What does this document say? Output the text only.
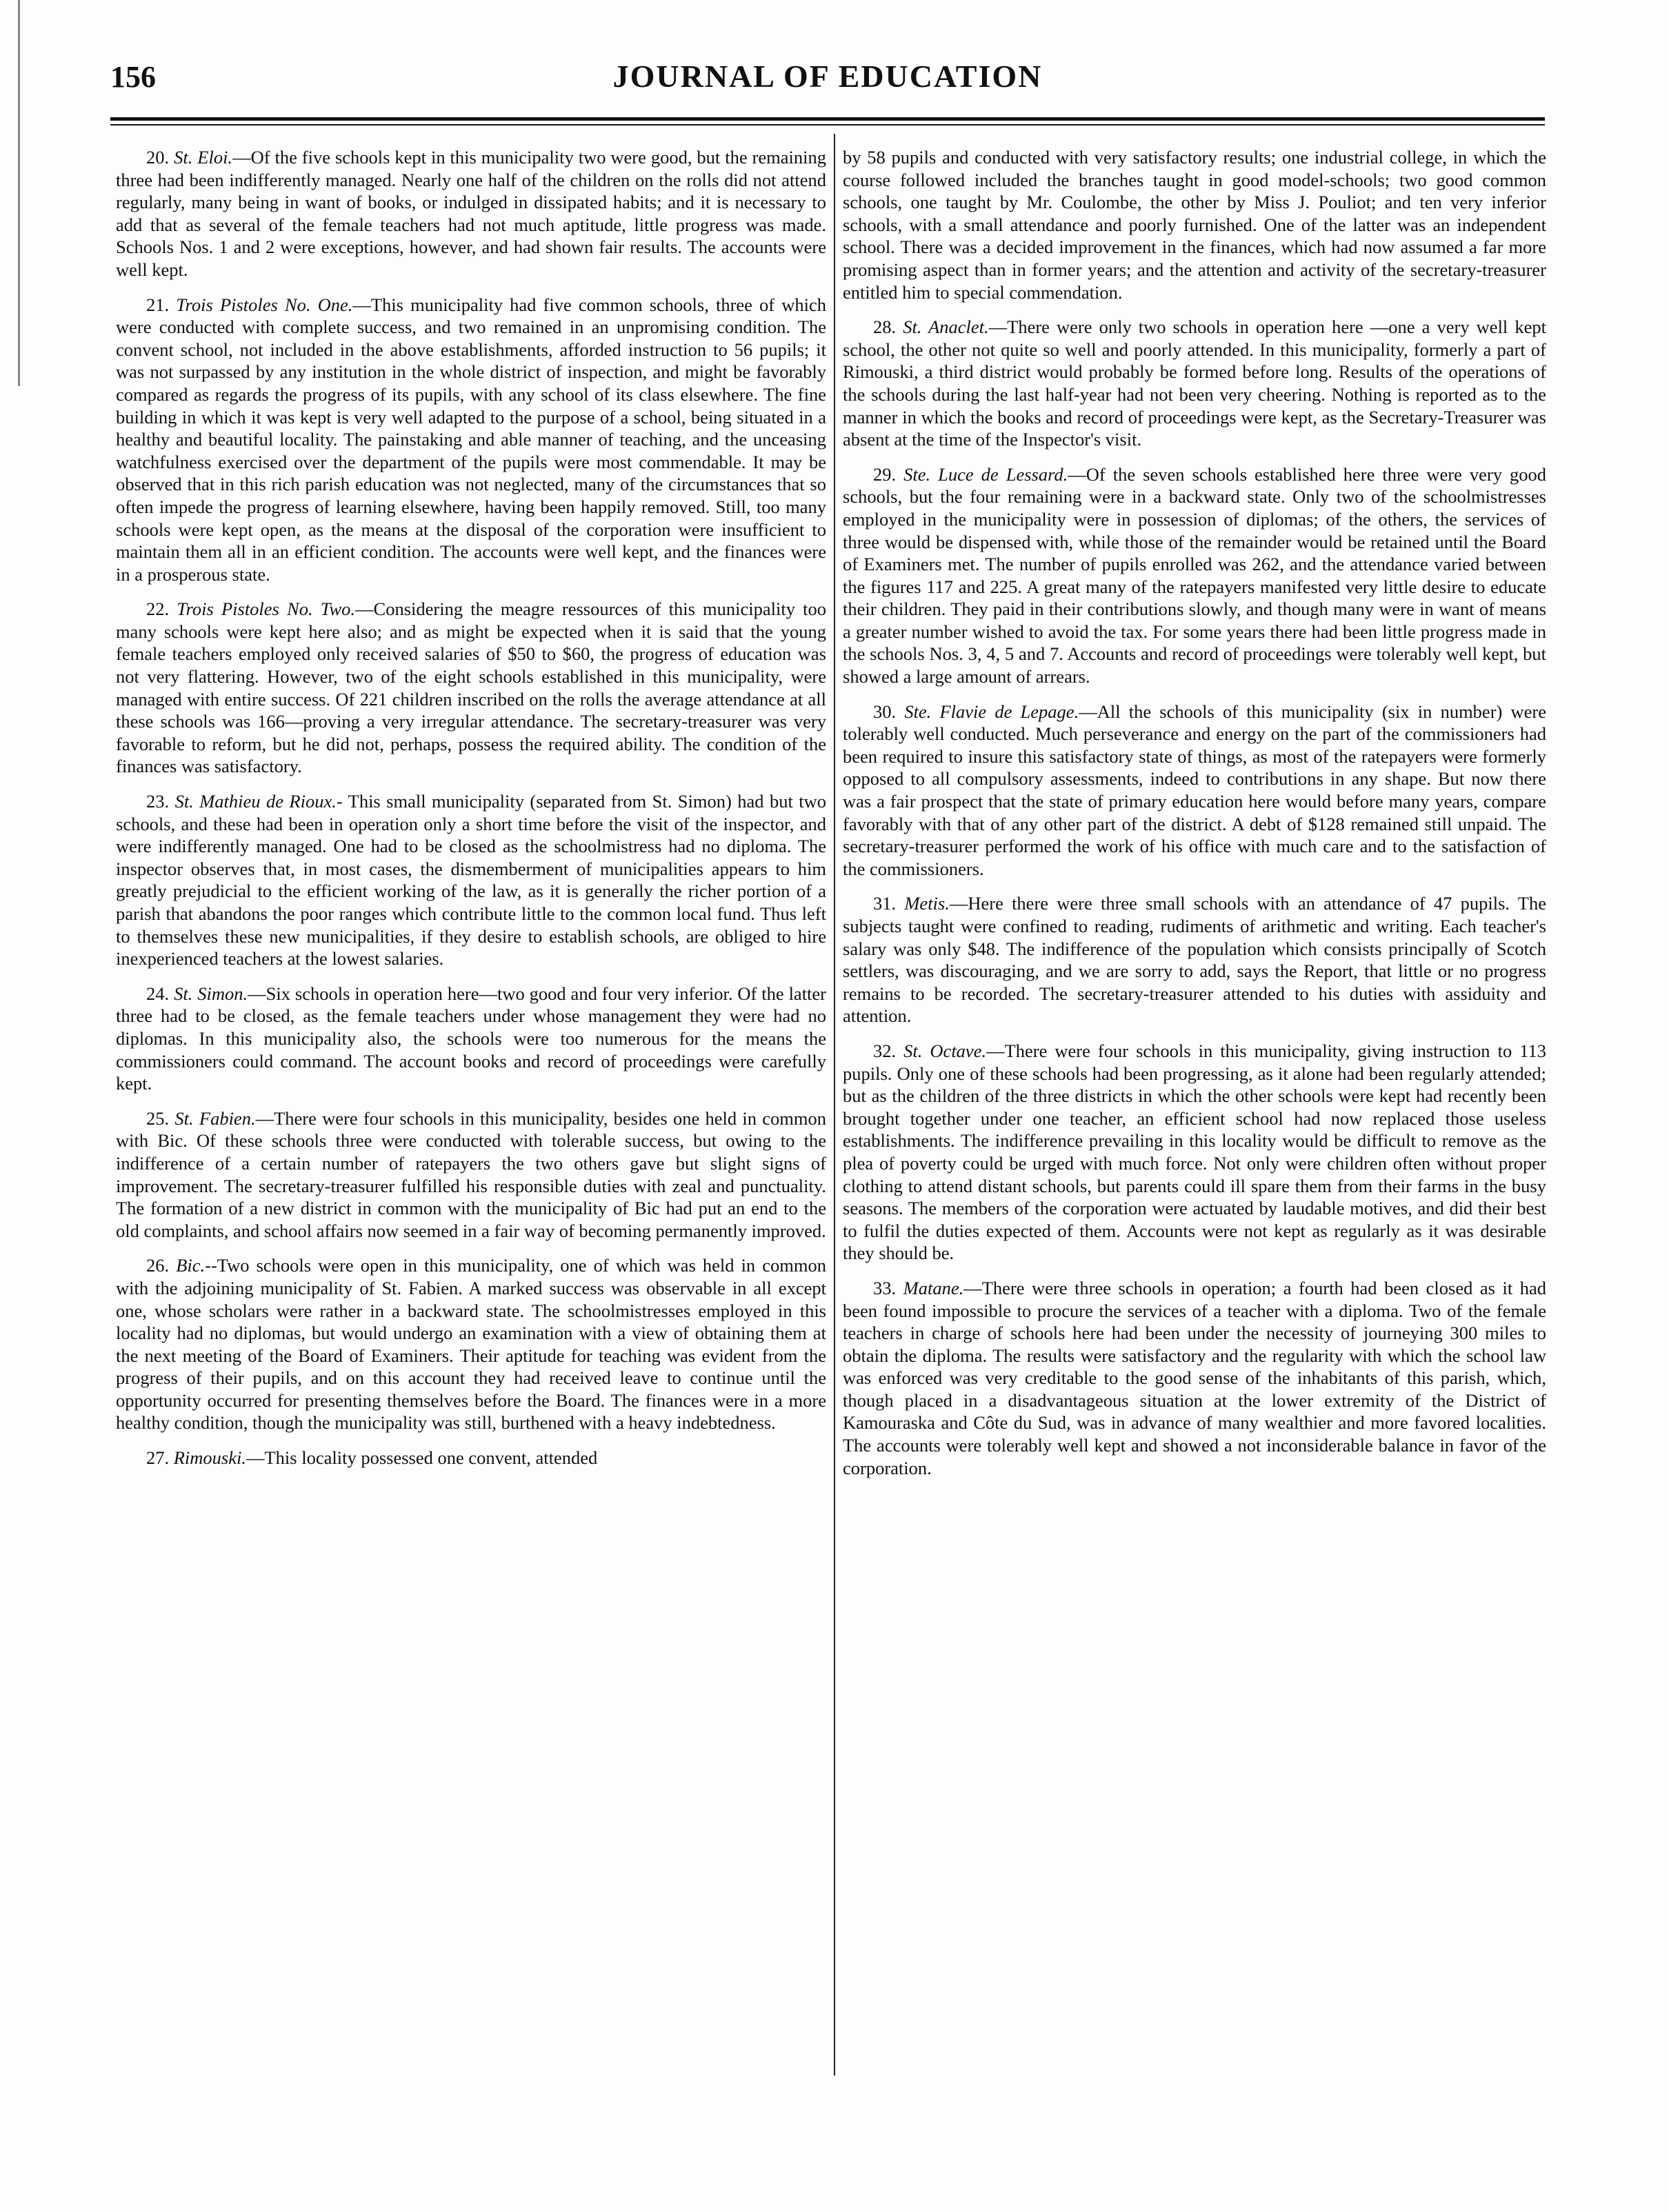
156	JOURNAL OF EDUCATION

20. St. Eloi.—Of the five schools kept in this municipality two were good, but the remaining three had been indifferently managed. Nearly one half of the children on the rolls did not attend regularly, many being in want of books, or indulged in dissipated habits; and it is necessary to add that as several of the female teachers had not much aptitude, little progress was made. Schools Nos. 1 and 2 were exceptions, however, and had shown fair results. The accounts were well kept.

21. Trois Pistoles No. One.—This municipality had five common schools, three of which were conducted with complete success, and two remained in an unpromising condition. The convent school, not included in the above establishments, afforded instruction to 56 pupils; it was not surpassed by any institution in the whole district of inspection, and might be favorably compared as regards the progress of its pupils, with any school of its class elsewhere. The fine building in which it was kept is very well adapted to the purpose of a school, being situated in a healthy and beautiful locality. The painstaking and able manner of teaching, and the unceasing watchfulness exercised over the department of the pupils were most commendable. It may be observed that in this rich parish education was not neglected, many of the circumstances that so often impede the progress of learning elsewhere, having been happily removed. Still, too many schools were kept open, as the means at the disposal of the corporation were insufficient to maintain them all in an efficient condition. The accounts were well kept, and the finances were in a prosperous state.

22. Trois Pistoles No. Two.—Considering the meagre ressources of this municipality too many schools were kept here also; and as might be expected when it is said that the young female teachers employed only received salaries of $50 to $60, the progress of education was not very flattering. However, two of the eight schools established in this municipality, were managed with entire success. Of 221 children inscribed on the rolls the average attendance at all these schools was 166—proving a very irregular attendance. The secretary-treasurer was very favorable to reform, but he did not, perhaps, possess the required ability. The condition of the finances was satisfactory.

23. St. Mathieu de Rioux.- This small municipality (separated from St. Simon) had but two schools, and these had been in operation only a short time before the visit of the inspector, and were indifferently managed. One had to be closed as the schoolmistress had no diploma. The inspector observes that, in most cases, the dismemberment of municipalities appears to him greatly prejudicial to the efficient working of the law, as it is generally the richer portion of a parish that abandons the poor ranges which contribute little to the common local fund. Thus left to themselves these new municipalities, if they desire to establish schools, are obliged to hire inexperienced teachers at the lowest salaries.

24. St. Simon.—Six schools in operation here—two good and four very inferior. Of the latter three had to be closed, as the female teachers under whose management they were had no diplomas. In this municipality also, the schools were too numerous for the means the commissioners could command. The account books and record of proceedings were carefully kept.

25. St. Fabien.—There were four schools in this municipality, besides one held in common with Bic. Of these schools three were conducted with tolerable success, but owing to the indifference of a certain number of ratepayers the two others gave but slight signs of improvement. The secretary-treasurer fulfilled his responsible duties with zeal and punctuality. The formation of a new district in common with the municipality of Bic had put an end to the old complaints, and school affairs now seemed in a fair way of becoming permanently improved.

26. Bic.--Two schools were open in this municipality, one of which was held in common with the adjoining municipality of St. Fabien. A marked success was observable in all except one, whose scholars were rather in a backward state. The schoolmistresses employed in this locality had no diplomas, but would undergo an examination with a view of obtaining them at the next meeting of the Board of Examiners. Their aptitude for teaching was evident from the progress of their pupils, and on this account they had received leave to continue until the opportunity occurred for presenting themselves before the Board. The finances were in a more healthy condition, though the municipality was still, burthened with a heavy indebtedness.

27. Rimouski.—This locality possessed one convent, attended

by 58 pupils and conducted with very satisfactory results; one industrial college, in which the course followed included the branches taught in good model-schools; two good common schools, one taught by Mr. Coulombe, the other by Miss J. Pouliot; and ten very inferior schools, with a small attendance and poorly furnished. One of the latter was an independent school. There was a decided improvement in the finances, which had now assumed a far more promising aspect than in former years; and the attention and activity of the secretary-treasurer entitled him to special commendation.

28. St. Anaclet.—There were only two schools in operation here —one a very well kept school, the other not quite so well and poorly attended. In this municipality, formerly a part of Rimouski, a third district would probably be formed before long. Results of the operations of the schools during the last half-year had not been very cheering. Nothing is reported as to the manner in which the books and record of proceedings were kept, as the Secretary-Treasurer was absent at the time of the Inspector's visit.

29. Ste. Luce de Lessard.—Of the seven schools established here three were very good schools, but the four remaining were in a backward state. Only two of the schoolmistresses employed in the municipality were in possession of diplomas; of the others, the services of three would be dispensed with, while those of the remainder would be retained until the Board of Examiners met. The number of pupils enrolled was 262, and the attendance varied between the figures 117 and 225. A great many of the ratepayers manifested very little desire to educate their children. They paid in their contributions slowly, and though many were in want of means a greater number wished to avoid the tax. For some years there had been little progress made in the schools Nos. 3, 4, 5 and 7. Accounts and record of proceedings were tolerably well kept, but showed a large amount of arrears.

30. Ste. Flavie de Lepage.—All the schools of this municipality (six in number) were tolerably well conducted. Much perseverance and energy on the part of the commissioners had been required to insure this satisfactory state of things, as most of the ratepayers were formerly opposed to all compulsory assessments, indeed to contributions in any shape. But now there was a fair prospect that the state of primary education here would before many years, compare favorably with that of any other part of the district. A debt of $128 remained still unpaid. The secretary-treasurer performed the work of his office with much care and to the satisfaction of the commissioners.

31. Metis.—Here there were three small schools with an attendance of 47 pupils. The subjects taught were confined to reading, rudiments of arithmetic and writing. Each teacher's salary was only $48. The indifference of the population which consists principally of Scotch settlers, was discouraging, and we are sorry to add, says the Report, that little or no progress remains to be recorded. The secretary-treasurer attended to his duties with assiduity and attention.

32. St. Octave.—There were four schools in this municipality, giving instruction to 113 pupils. Only one of these schools had been progressing, as it alone had been regularly attended; but as the children of the three districts in which the other schools were kept had recently been brought together under one teacher, an efficient school had now replaced those useless establishments. The indifference prevailing in this locality would be difficult to remove as the plea of poverty could be urged with much force. Not only were children often without proper clothing to attend distant schools, but parents could ill spare them from their farms in the busy seasons. The members of the corporation were actuated by laudable motives, and did their best to fulfil the duties expected of them. Accounts were not kept as regularly as it was desirable they should be.

33. Matane.—There were three schools in operation; a fourth had been closed as it had been found impossible to procure the services of a teacher with a diploma. Two of the female teachers in charge of schools here had been under the necessity of journeying 300 miles to obtain the diploma. The results were satisfactory and the regularity with which the school law was enforced was very creditable to the good sense of the inhabitants of this parish, which, though placed in a disadvantageous situation at the lower extremity of the District of Kamouraska and Côte du Sud, was in advance of many wealthier and more favored localities. The accounts were tolerably well kept and showed a not inconsiderable balance in favor of the corporation.
